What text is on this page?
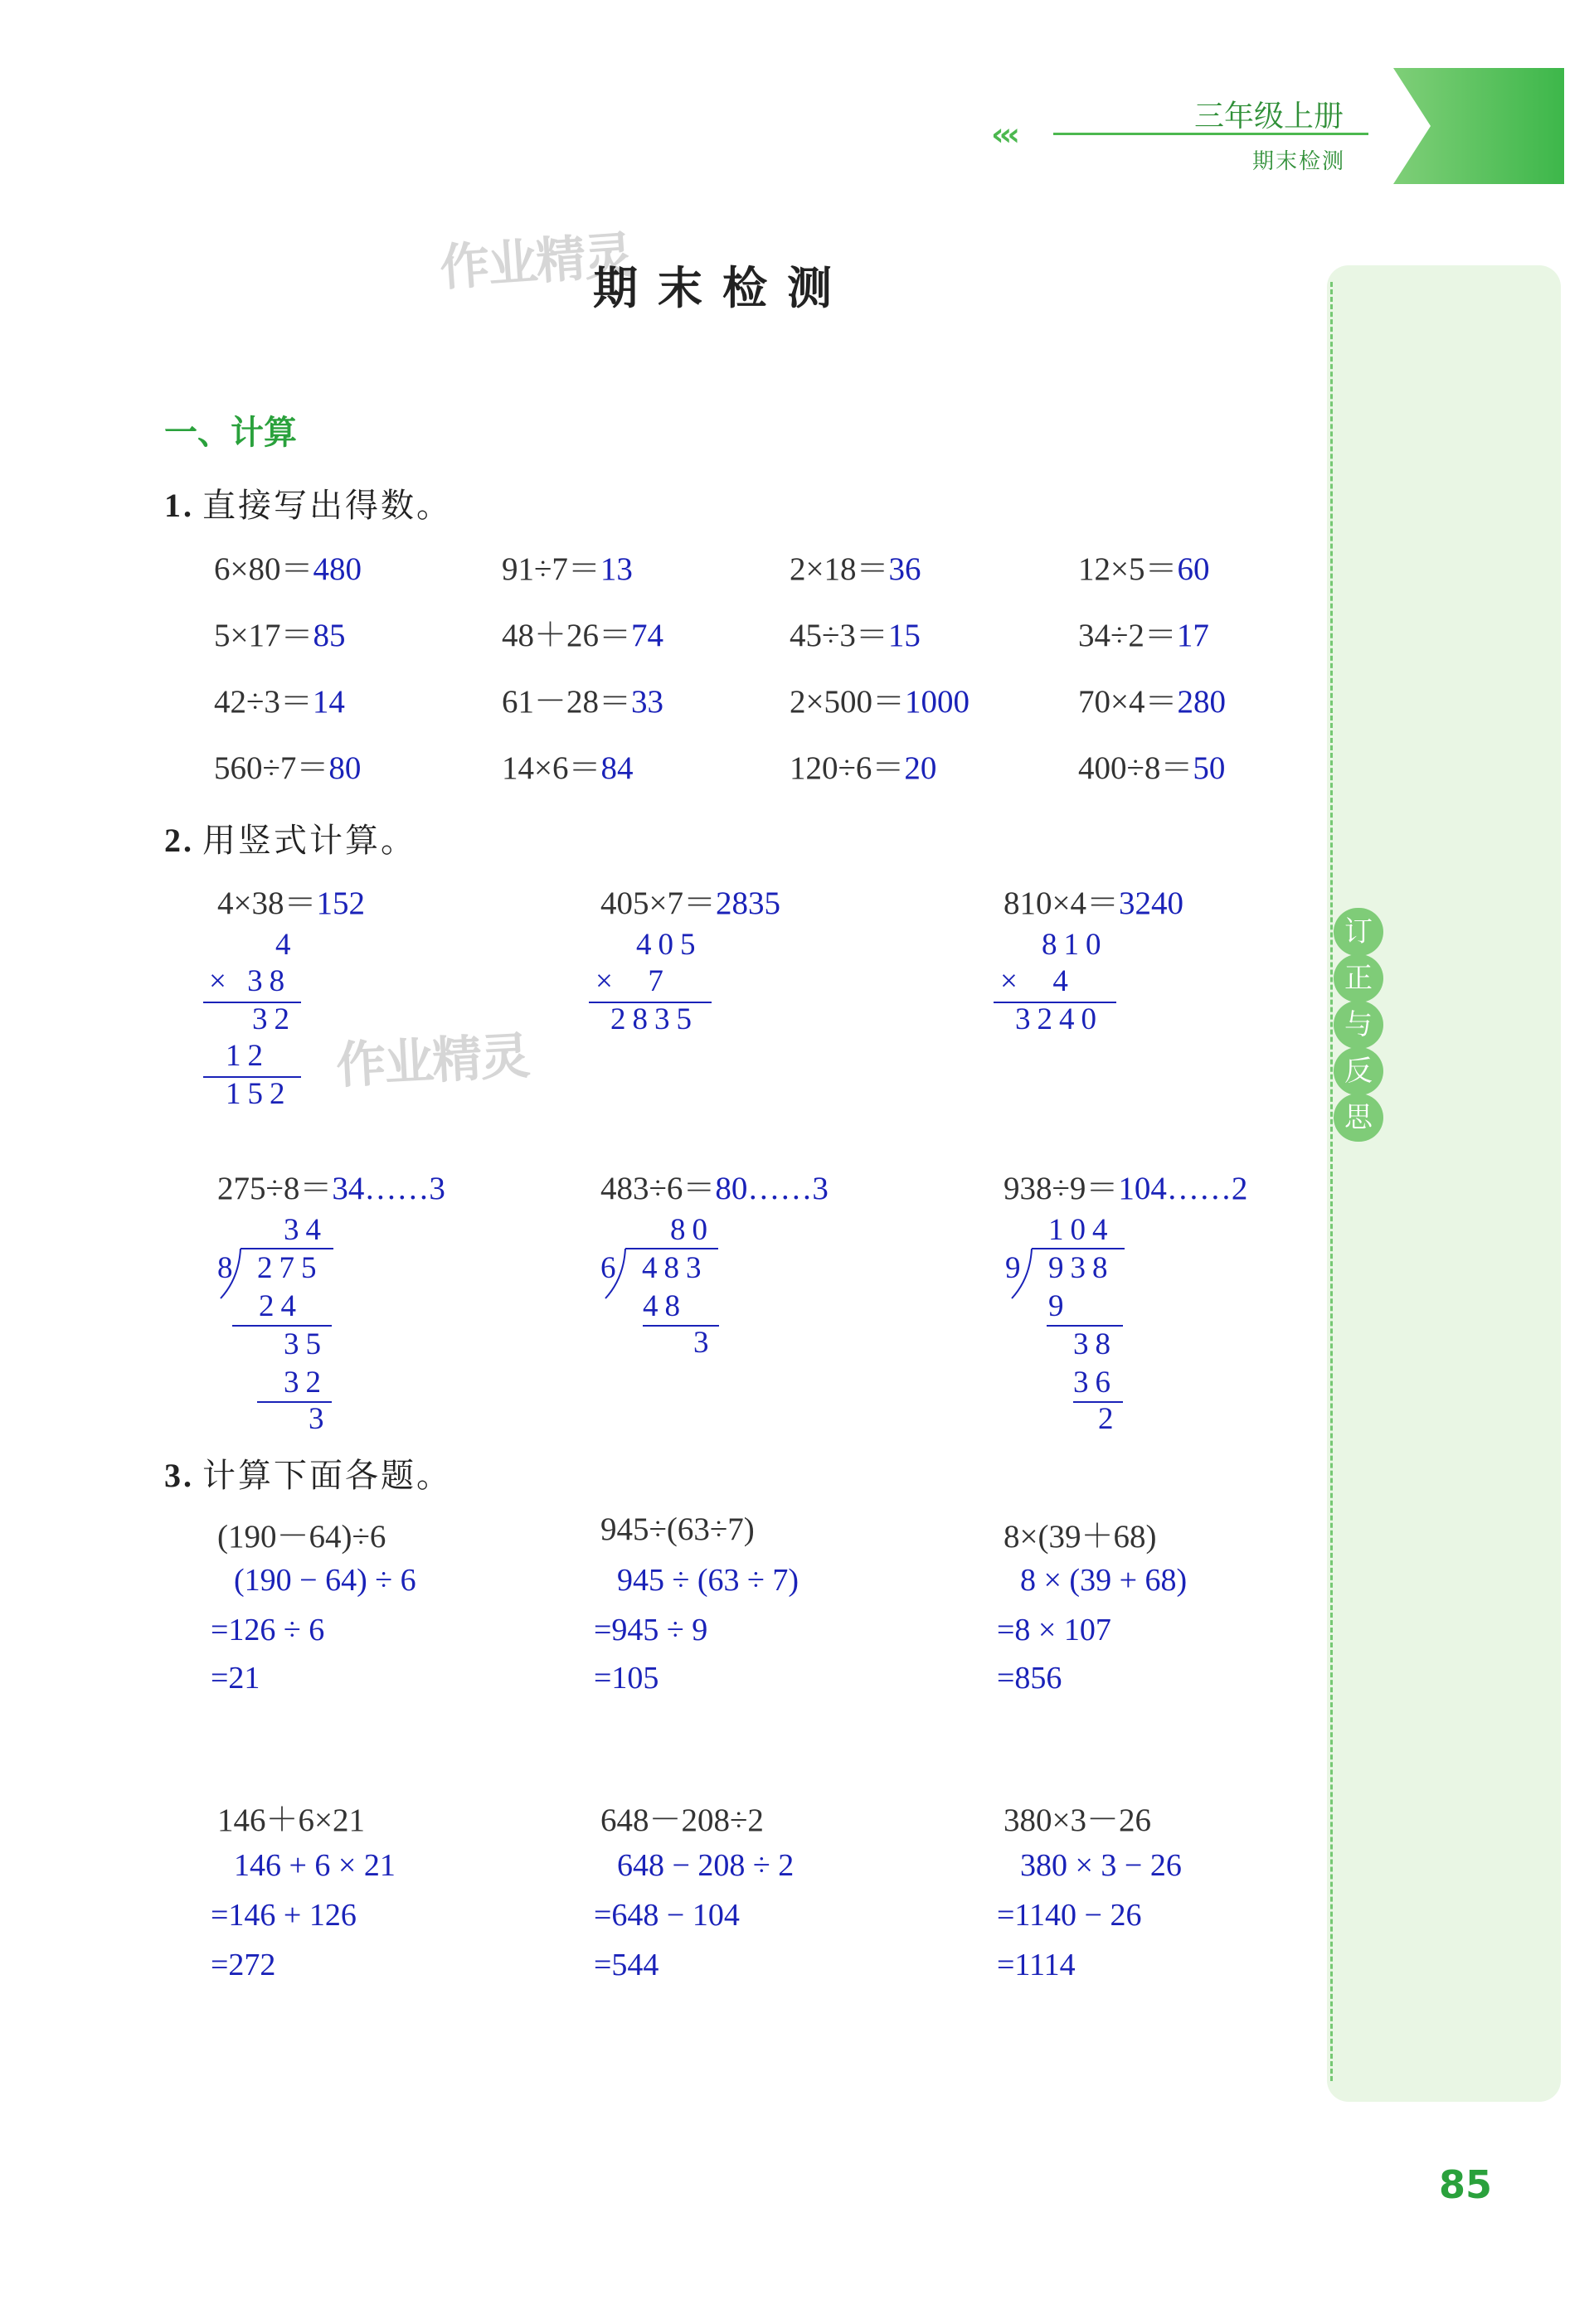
‹‹‹	三年级上册
期末检测
订
正
与
反
思
作业精灵
作业精灵
期末检测
一、计算
1. 直接写出得数。
6×80＝480	91÷7＝13	2×18＝36	12×5＝60
5×17＝85	48＋26＝74	45÷3＝15	34÷2＝17
42÷3＝14	61－28＝33	2×500＝1000	70×4＝280
560÷7＝80	14×6＝84	120÷6＝20	400÷8＝50
2. 用竖式计算。
4×38＝152	405×7＝2835	810×4＝3240
4
× 38
32
12
152
405
×  7
2835
810
×  4
3240
275÷8＝34……3	483÷6＝80……3	938÷9＝104……2
34
8 275
24
35
32
3
80
6 483
48
3
104
9 938
9
38
36
2
3. 计算下面各题。
(190－64)÷6
(190 − 64) ÷ 6
=126 ÷ 6
=21
945÷(63÷7)
945 ÷ (63 ÷ 7)
=945 ÷ 9
=105
8×(39＋68)
8 × (39 + 68)
=8 × 107
=856
146＋6×21
146 + 6 × 21
=146 + 126
=272
648－208÷2
648 − 208 ÷ 2
=648 − 104
=544
380×3－26
380 × 3 − 26
=1140 − 26
=1114
85
